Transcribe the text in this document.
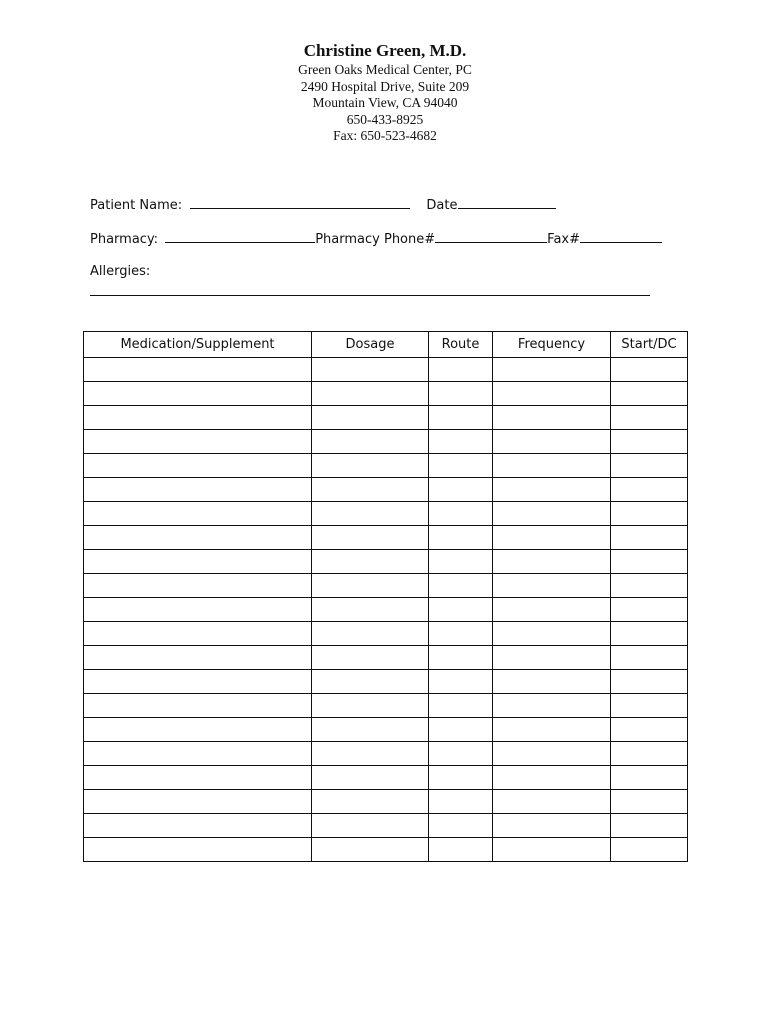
Christine Green, M.D.
Green Oaks Medical Center, PC
2490 Hospital Drive, Suite 209
Mountain View, CA 94040
650-433-8925
Fax: 650-523-4682
Patient Name:	Date
Pharmacy:	Pharmacy Phone#	Fax#
Allergies:
Medication/Supplement	Dosage	Route	Frequency	Start/DC
